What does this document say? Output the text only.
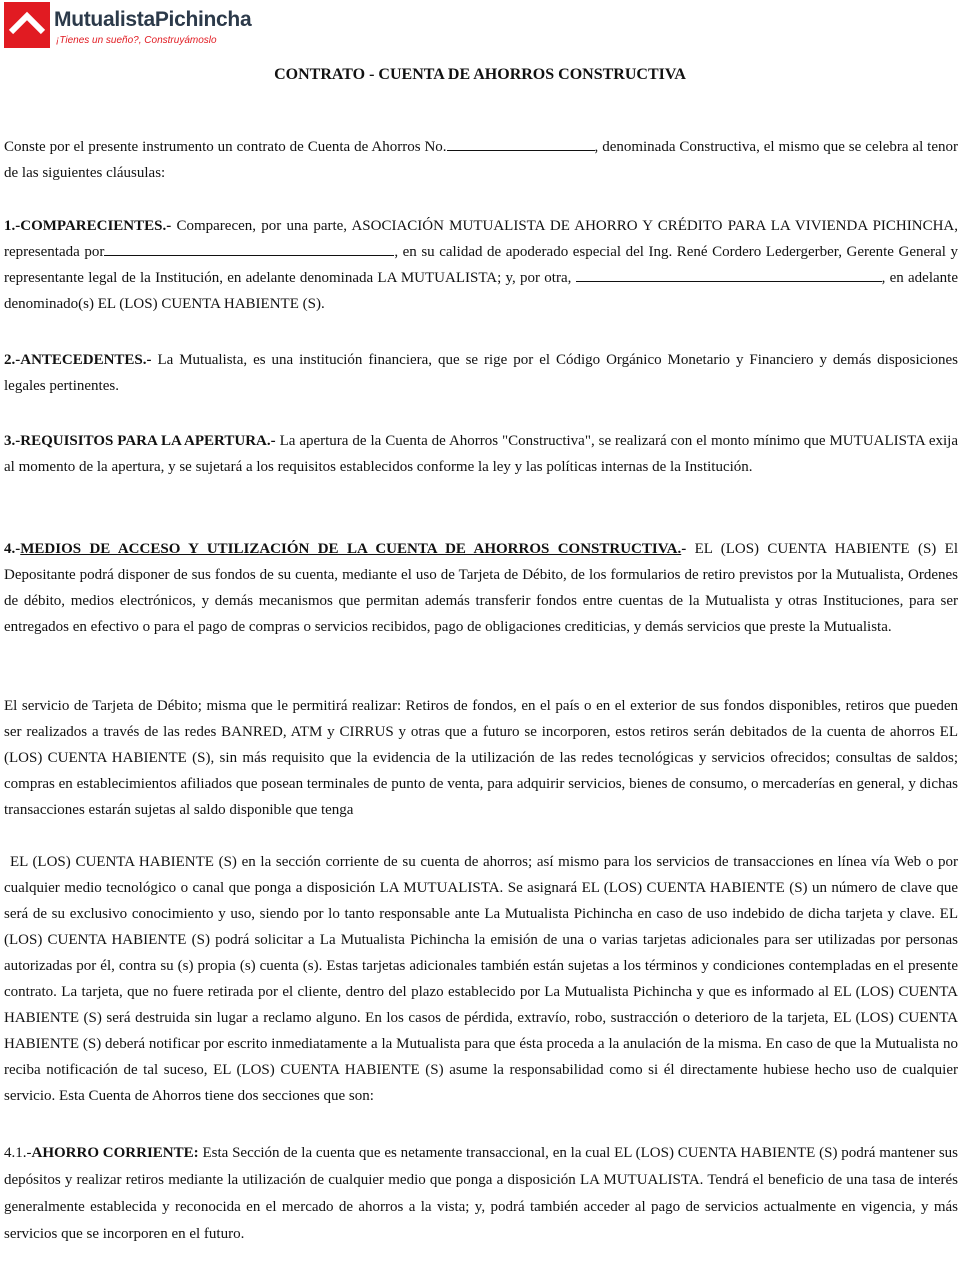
MutualistaPichincha
¡Tienes un sueño?, Construyámoslo
CONTRATO - CUENTA DE AHORROS CONSTRUCTIVA

Conste por el presente instrumento un contrato de Cuenta de Ahorros No.	, denominada Constructiva, el mismo que se celebra al tenor de las siguientes cláusulas:

1.-COMPARECIENTES.- Comparecen, por una parte, ASOCIACIÓN MUTUALISTA DE AHORRO Y CRÉDITO PARA LA VIVIENDA PICHINCHA, representada por	, en su calidad de apoderado especial del Ing. René Cordero Ledergerber, Gerente General y representante legal de la Institución, en adelante denominada LA MUTUALISTA; y, por otra,	, en adelante denominado(s) EL (LOS) CUENTA HABIENTE (S).

2.-ANTECEDENTES.- La Mutualista, es una institución financiera, que se rige por el Código Orgánico Monetario y Financiero y demás disposiciones legales pertinentes.

3.-REQUISITOS PARA LA APERTURA.- La apertura de la Cuenta de Ahorros "Constructiva", se realizará con el monto mínimo que MUTUALISTA exija al momento de la apertura, y se sujetará a los requisitos establecidos conforme la ley y las políticas internas de la Institución.

4.-MEDIOS DE ACCESO Y UTILIZACIÓN DE LA CUENTA DE AHORROS CONSTRUCTIVA.- EL (LOS) CUENTA HABIENTE (S) El Depositante podrá disponer de sus fondos de su cuenta, mediante el uso de Tarjeta de Débito, de los formularios de retiro previstos por la Mutualista, Ordenes de débito, medios electrónicos, y demás mecanismos que permitan además transferir fondos entre cuentas de la Mutualista y otras Instituciones, para ser entregados en efectivo o para el pago de compras o servicios recibidos, pago de obligaciones crediticias, y demás servicios que preste la Mutualista.

El servicio de Tarjeta de Débito; misma que le permitirá realizar: Retiros de fondos, en el país o en el exterior de sus fondos disponibles, retiros que pueden ser realizados a través de las redes BANRED, ATM y CIRRUS y otras que a futuro se incorporen, estos retiros serán debitados de la cuenta de ahorros EL (LOS) CUENTA HABIENTE (S), sin más requisito que la evidencia de la utilización de las redes tecnológicas y servicios ofrecidos; consultas de saldos; compras en establecimientos afiliados que posean terminales de punto de venta, para adquirir servicios, bienes de consumo, o mercaderías en general, y dichas transacciones estarán sujetas al saldo disponible que tenga

EL (LOS) CUENTA HABIENTE (S) en la sección corriente de su cuenta de ahorros; así mismo para los servicios de transacciones en línea vía Web o por cualquier medio tecnológico o canal que ponga a disposición LA MUTUALISTA. Se asignará EL (LOS) CUENTA HABIENTE (S) un número de clave que será de su exclusivo conocimiento y uso, siendo por lo tanto responsable ante La Mutualista Pichincha en caso de uso indebido de dicha tarjeta y clave. EL (LOS) CUENTA HABIENTE (S) podrá solicitar a La Mutualista Pichincha la emisión de una o varias tarjetas adicionales para ser utilizadas por personas autorizadas por él, contra su (s) propia (s) cuenta (s). Estas tarjetas adicionales también están sujetas a los términos y condiciones contempladas en el presente contrato. La tarjeta, que no fuere retirada por el cliente, dentro del plazo establecido por La Mutualista Pichincha y que es informado al EL (LOS) CUENTA HABIENTE (S) será destruida sin lugar a reclamo alguno. En los casos de pérdida, extravío, robo, sustracción o deterioro de la tarjeta, EL (LOS) CUENTA HABIENTE (S) deberá notificar por escrito inmediatamente a la Mutualista para que ésta proceda a la anulación de la misma. En caso de que la Mutualista no reciba notificación de tal suceso, EL (LOS) CUENTA HABIENTE (S) asume la responsabilidad como si él directamente hubiese hecho uso de cualquier servicio. Esta Cuenta de Ahorros tiene dos secciones que son:

4.1.-AHORRO CORRIENTE: Esta Sección de la cuenta que es netamente transaccional, en la cual EL (LOS) CUENTA HABIENTE (S) podrá mantener sus depósitos y realizar retiros mediante la utilización de cualquier medio que ponga a disposición LA MUTUALISTA. Tendrá el beneficio de una tasa de interés generalmente establecida y reconocida en el mercado de ahorros a la vista; y, podrá también acceder al pago de servicios actualmente en vigencia, y más servicios que se incorporen en el futuro.
